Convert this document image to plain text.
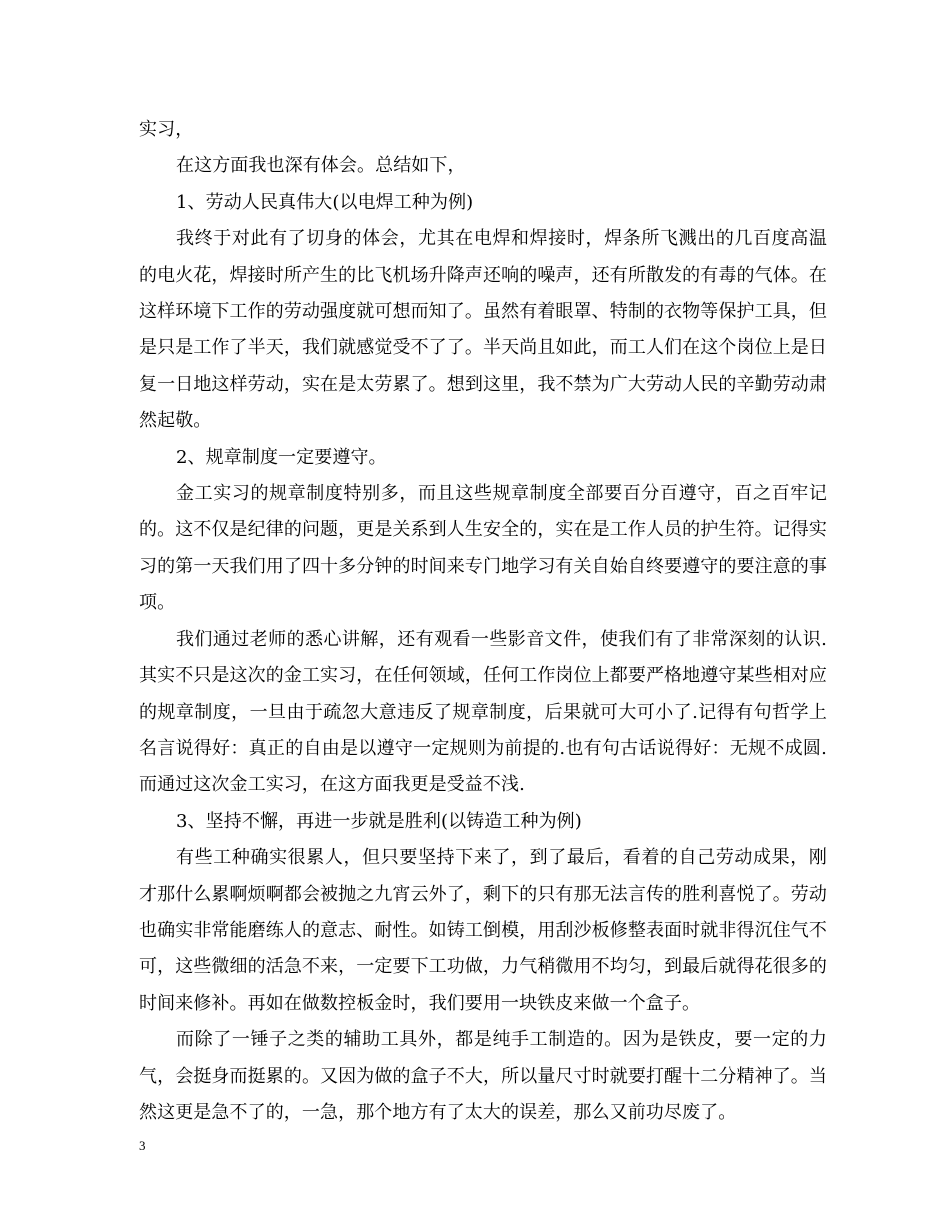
实习，

在这方面我也深有体会。总结如下，

1、劳动人民真伟大(以电焊工种为例)

我终于对此有了切身的体会，尤其在电焊和焊接时，焊条所飞溅出的几百度高温的电火花，焊接时所产生的比飞机场升降声还响的噪声，还有所散发的有毒的气体。在这样环境下工作的劳动强度就可想而知了。虽然有着眼罩、特制的衣物等保护工具，但是只是工作了半天，我们就感觉受不了了。半天尚且如此，而工人们在这个岗位上是日复一日地这样劳动，实在是太劳累了。想到这里，我不禁为广大劳动人民的辛勤劳动肃然起敬。

2、规章制度一定要遵守。

金工实习的规章制度特别多，而且这些规章制度全部要百分百遵守，百之百牢记的。这不仅是纪律的问题，更是关系到人生安全的，实在是工作人员的护生符。记得实习的第一天我们用了四十多分钟的时间来专门地学习有关自始自终要遵守的要注意的事项。

我们通过老师的悉心讲解，还有观看一些影音文件，使我们有了非常深刻的认识.其实不只是这次的金工实习，在任何领域，任何工作岗位上都要严格地遵守某些相对应的规章制度，一旦由于疏忽大意违反了规章制度，后果就可大可小了.记得有句哲学上名言说得好：真正的自由是以遵守一定规则为前提的.也有句古话说得好：无规不成圆.而通过这次金工实习，在这方面我更是受益不浅.

3、坚持不懈，再进一步就是胜利(以铸造工种为例)

有些工种确实很累人，但只要坚持下来了，到了最后，看着的自己劳动成果，刚才那什么累啊烦啊都会被抛之九宵云外了，剩下的只有那无法言传的胜利喜悦了。劳动也确实非常能磨练人的意志、耐性。如铸工倒模，用刮沙板修整表面时就非得沉住气不可，这些微细的活急不来，一定要下工功做，力气稍微用不均匀，到最后就得花很多的时间来修补。再如在做数控板金时，我们要用一块铁皮来做一个盒子。

而除了一锤子之类的辅助工具外，都是纯手工制造的。因为是铁皮，要一定的力气，会挺身而挺累的。又因为做的盒子不大，所以量尺寸时就要打醒十二分精神了。当然这更是急不了的，一急，那个地方有了太大的误差，那么又前功尽废了。

3
